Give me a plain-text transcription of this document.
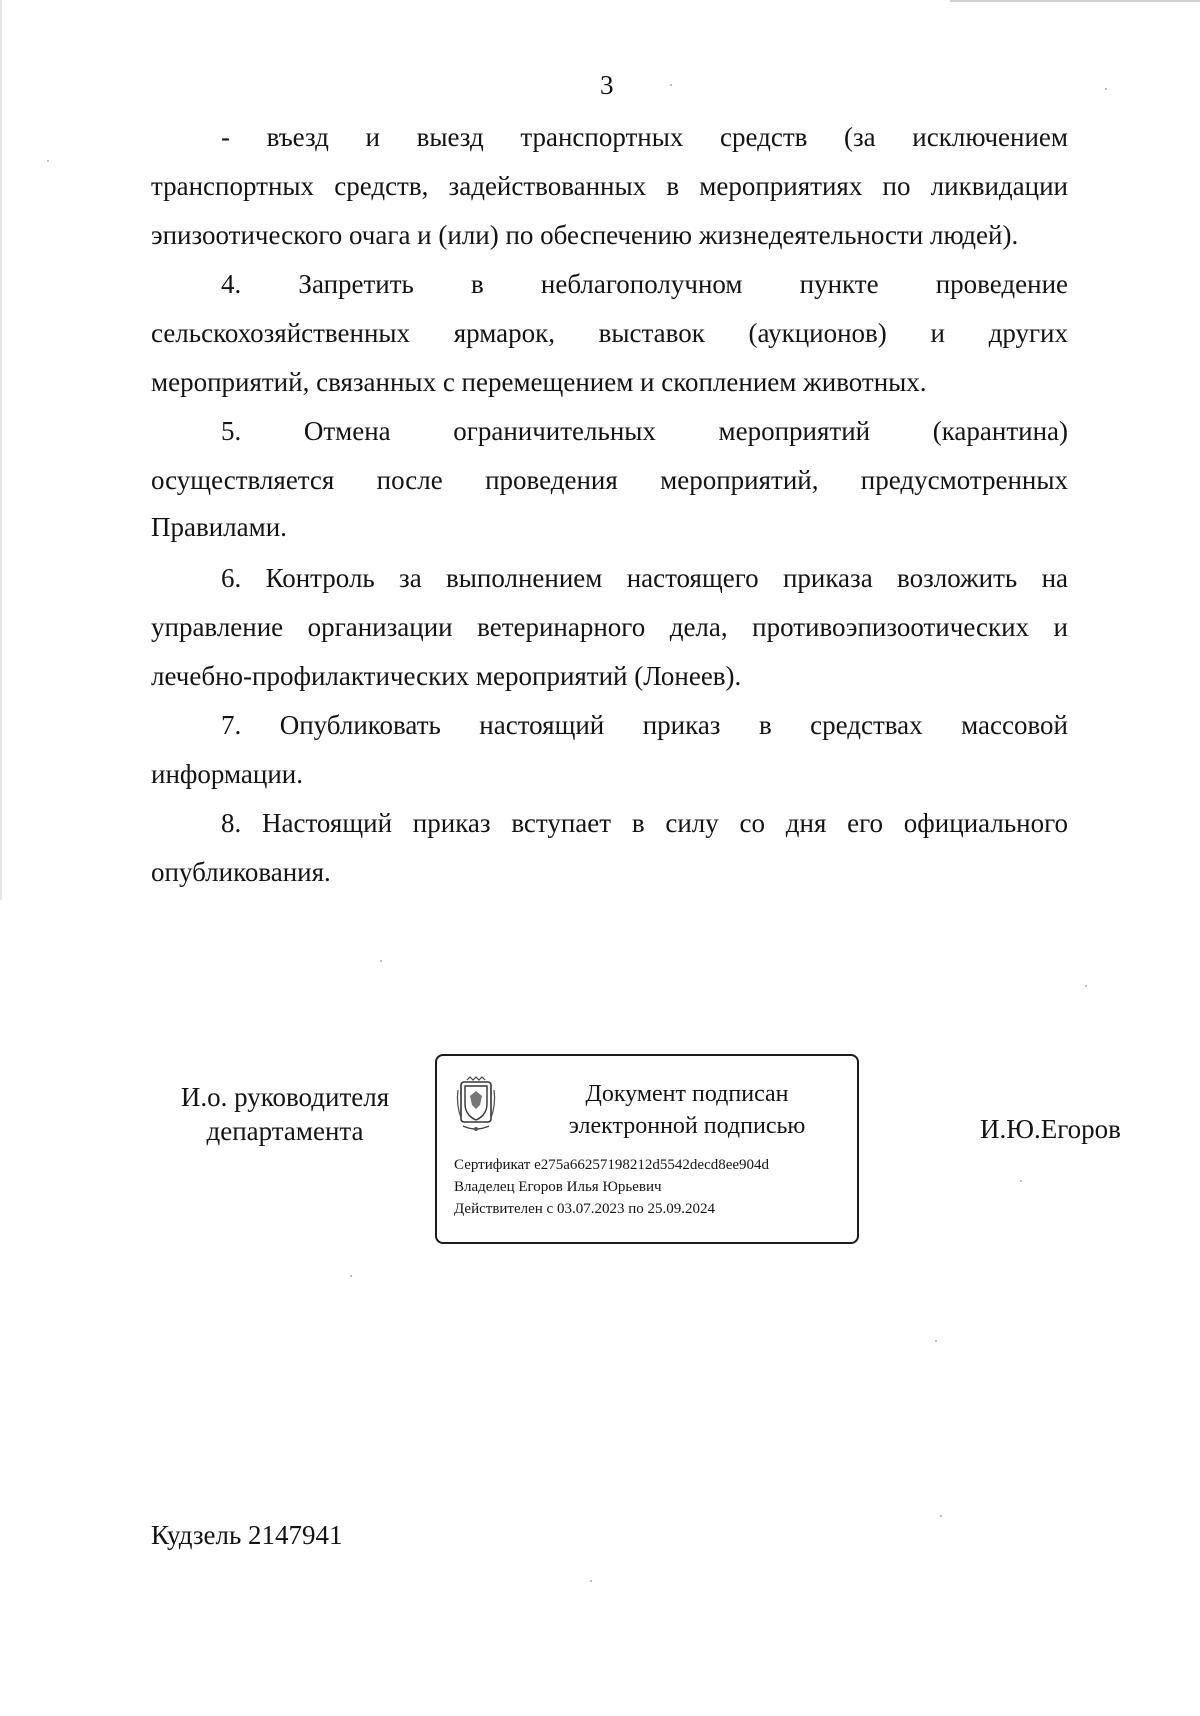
3

- въезд и выезд транспортных средств (за исключением
транспортных средств, задействованных в мероприятиях по ликвидации
эпизоотического очага и (или) по обеспечению жизнедеятельности людей).

4. Запретить в неблагополучном пункте проведение
сельскохозяйственных ярмарок, выставок (аукционов) и других
мероприятий, связанных с перемещением и скоплением животных.

5. Отмена ограничительных мероприятий (карантина)
осуществляется после проведения мероприятий, предусмотренных
Правилами.

6. Контроль за выполнением настоящего приказа возложить на
управление организации ветеринарного дела, противоэпизоотических и
лечебно-профилактических мероприятий (Лонеев).

7. Опубликовать настоящий приказ в средствах массовой
информации.

8. Настоящий приказ вступает в силу со дня его официального
опубликования.

И.о. руководителя
департамента
Документ подписан
электронной подписью
Сертификат e275a66257198212d5542decd8ee904d
Владелец Егоров Илья Юрьевич
Действителен с 03.07.2023 по 25.09.2024
И.Ю.Егоров
Кудзель 2147941
